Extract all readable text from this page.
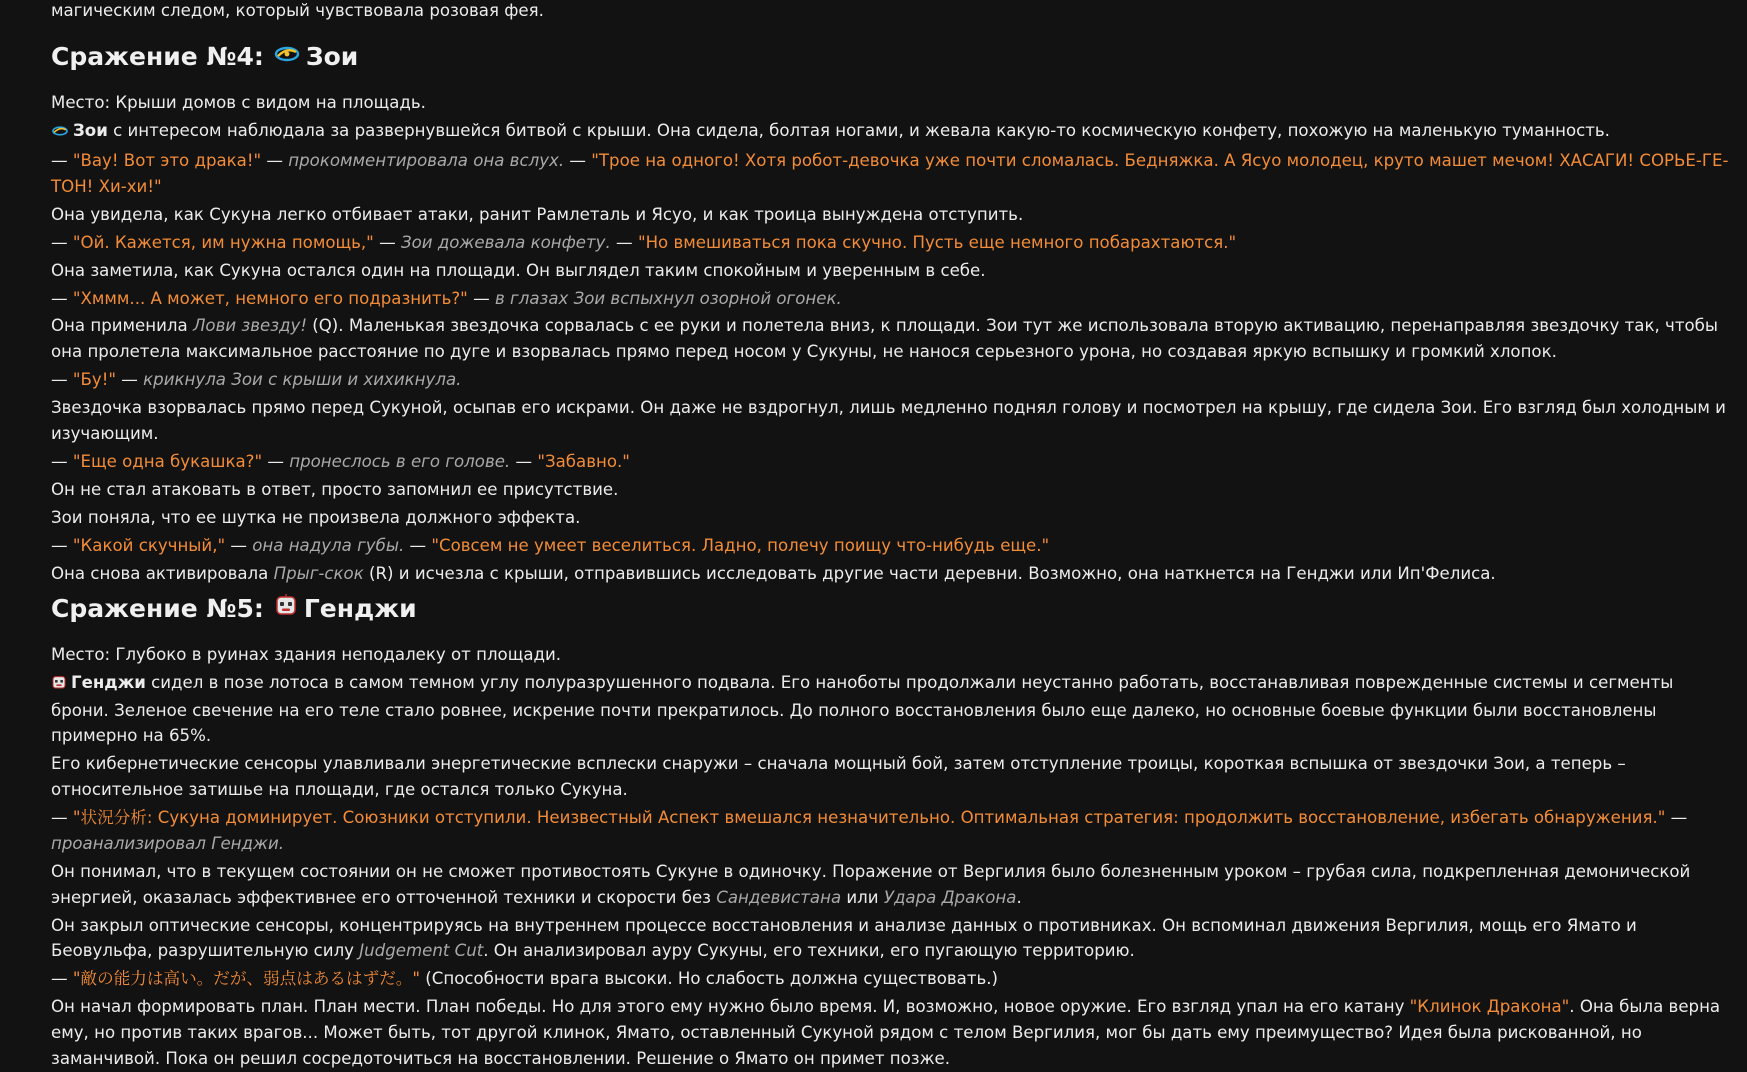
магическим следом, который чувствовала розовая фея.

Сражение №4: Зои

Место: Крыши домов с видом на площадь.

Зои с интересом наблюдала за развернувшейся битвой с крыши. Она сидела, болтая ногами, и жевала какую-то космическую конфету, похожую на маленькую туманность.

— "Вау! Вот это драка!" — прокомментировала она вслух. — "Трое на одного! Хотя робот-девочка уже почти сломалась. Бедняжка. А Ясуо молодец, круто машет мечом! ХАСАГИ! СОРЬЕ-ГЕ-ТОН! Хи-хи!"

Она увидела, как Сукуна легко отбивает атаки, ранит Рамлеталь и Ясуо, и как троица вынуждена отступить.

— "Ой. Кажется, им нужна помощь," — Зои дожевала конфету. — "Но вмешиваться пока скучно. Пусть еще немного побарахтаются."

Она заметила, как Сукуна остался один на площади. Он выглядел таким спокойным и уверенным в себе.

— "Хммм... А может, немного его подразнить?" — в глазах Зои вспыхнул озорной огонек.

Она применила Лови звезду! (Q). Маленькая звездочка сорвалась с ее руки и полетела вниз, к площади. Зои тут же использовала вторую активацию, перенаправляя звездочку так, чтобы она пролетела максимальное расстояние по дуге и взорвалась прямо перед носом у Сукуны, не нанося серьезного урона, но создавая яркую вспышку и громкий хлопок.

— "Бу!" — крикнула Зои с крыши и хихикнула.

Звездочка взорвалась прямо перед Сукуной, осыпав его искрами. Он даже не вздрогнул, лишь медленно поднял голову и посмотрел на крышу, где сидела Зои. Его взгляд был холодным и изучающим.

— "Еще одна букашка?" — пронеслось в его голове. — "Забавно."

Он не стал атаковать в ответ, просто запомнил ее присутствие.

Зои поняла, что ее шутка не произвела должного эффекта.

— "Какой скучный," — она надула губы. — "Совсем не умеет веселиться. Ладно, полечу поищу что-нибудь еще."

Она снова активировала Прыг-скок (R) и исчезла с крыши, отправившись исследовать другие части деревни. Возможно, она наткнется на Генджи или Ип'Фелиса.

Сражение №5: Генджи

Место: Глубоко в руинах здания неподалеку от площади.

Генджи сидел в позе лотоса в самом темном углу полуразрушенного подвала. Его наноботы продолжали неустанно работать, восстанавливая поврежденные системы и сегменты брони. Зеленое свечение на его теле стало ровнее, искрение почти прекратилось. До полного восстановления было еще далеко, но основные боевые функции были восстановлены примерно на 65%.

Его кибернетические сенсоры улавливали энергетические всплески снаружи – сначала мощный бой, затем отступление троицы, короткая вспышка от звездочки Зои, а теперь – относительное затишье на площади, где остался только Сукуна.

— "状況分析: Сукуна доминирует. Союзники отступили. Неизвестный Аспект вмешался незначительно. Оптимальная стратегия: продолжить восстановление, избегать обнаружения." — проанализировал Генджи.

Он понимал, что в текущем состоянии он не сможет противостоять Сукуне в одиночку. Поражение от Вергилия было болезненным уроком – грубая сила, подкрепленная демонической энергией, оказалась эффективнее его отточенной техники и скорости без Сандевистана или Удара Дракона.

Он закрыл оптические сенсоры, концентрируясь на внутреннем процессе восстановления и анализе данных о противниках. Он вспоминал движения Вергилия, мощь его Ямато и Беовульфа, разрушительную силу Judgement Cut. Он анализировал ауру Сукуны, его техники, его пугающую территорию.

— "敵の能力は高い。だが、弱点はあるはずだ。" (Способности врага высоки. Но слабость должна существовать.)

Он начал формировать план. План мести. План победы. Но для этого ему нужно было время. И, возможно, новое оружие. Его взгляд упал на его катану "Клинок Дракона". Она была верна ему, но против таких врагов... Может быть, тот другой клинок, Ямато, оставленный Сукуной рядом с телом Вергилия, мог бы дать ему преимущество? Идея была рискованной, но заманчивой. Пока он решил сосредоточиться на восстановлении. Решение о Ямато он примет позже.
